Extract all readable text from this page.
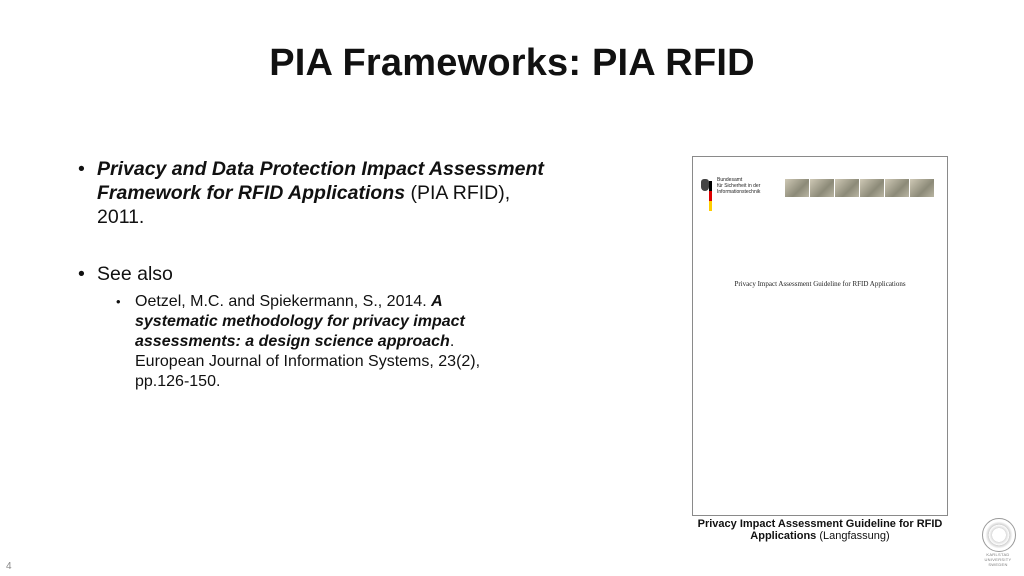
PIA Frameworks: PIA RFID
• Privacy and Data Protection Impact Assessment Framework for RFID Applications (PIA RFID), 2011.
• See also
• Oetzel, M.C. and Spiekermann, S., 2014. A systematic methodology for privacy impact assessments: a design science approach. European Journal of Information Systems, 23(2), pp.126-150.
Bundesamt
für Sicherheit in der
Informationstechnik
Privacy Impact Assessment Guideline for RFID Applications
Privacy Impact Assessment Guideline for RFID Applications (Langfassung)
KARLSTAD
UNIVERSITY
SWEDEN
4
